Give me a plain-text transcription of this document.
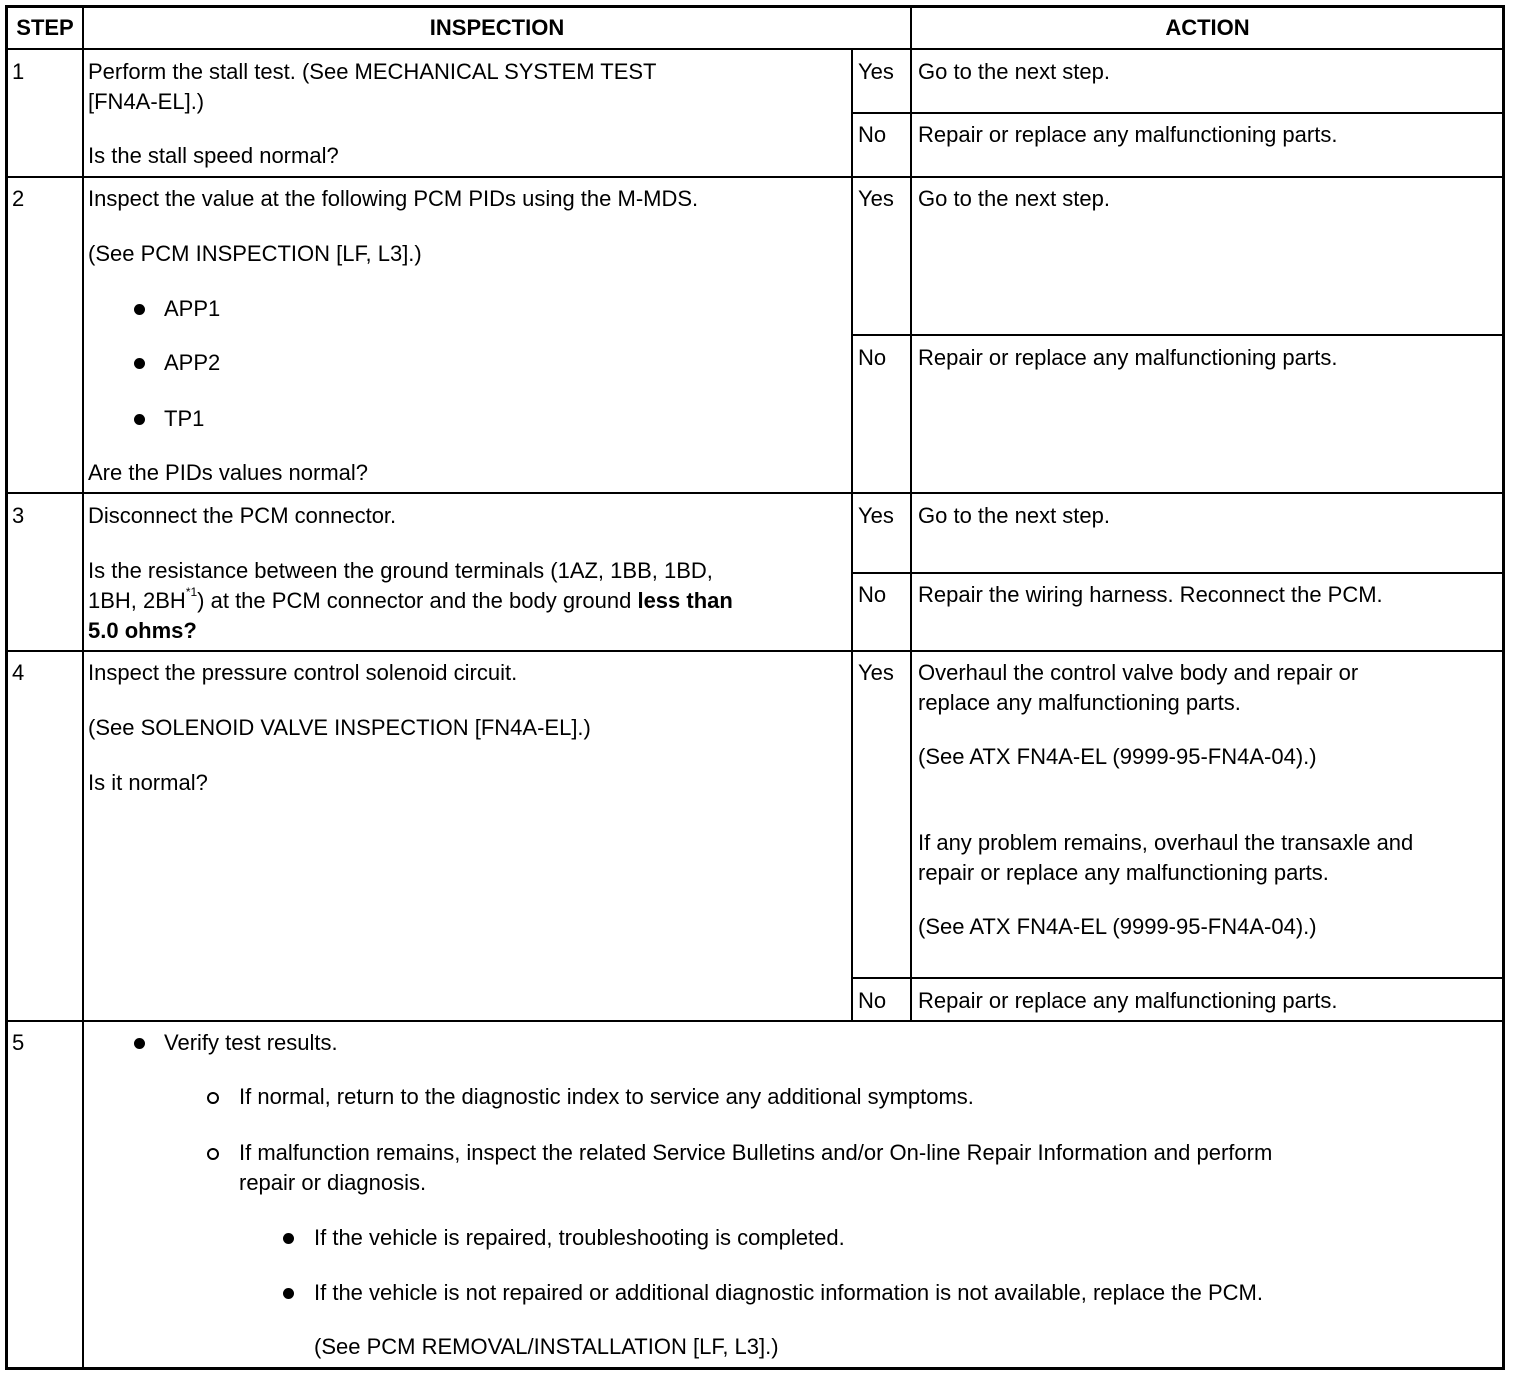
STEP	INSPECTION	ACTION
1	Perform the stall test. (See MECHANICAL SYSTEM TEST
[FN4A-EL].)
Is the stall speed normal?
Yes Go to the next step.
No Repair or replace any malfunctioning parts.
2	Inspect the value at the following PCM PIDs using the M-MDS.
(See PCM INSPECTION [LF, L3].)
APP1
APP2
TP1
Are the PIDs values normal?
Yes Go to the next step.
No Repair or replace any malfunctioning parts.
3	Disconnect the PCM connector.
Is the resistance between the ground terminals (1AZ, 1BB, 1BD,
1BH, 2BH$^{*1}$) at the PCM connector and the body ground less than
5.0 ohms?
Yes Go to the next step.
No Repair the wiring harness. Reconnect the PCM.
4	Inspect the pressure control solenoid circuit.
(See SOLENOID VALVE INSPECTION [FN4A-EL].)
Is it normal?
Yes Overhaul the control valve body and repair or
replace any malfunctioning parts.
(See ATX FN4A-EL (9999-95-FN4A-04).)
If any problem remains, overhaul the transaxle and
repair or replace any malfunctioning parts.
(See ATX FN4A-EL (9999-95-FN4A-04).)
No Repair or replace any malfunctioning parts.
5	Verify test results.
If normal, return to the diagnostic index to service any additional symptoms.
If malfunction remains, inspect the related Service Bulletins and/or On-line Repair Information and perform
repair or diagnosis.
If the vehicle is repaired, troubleshooting is completed.
If the vehicle is not repaired or additional diagnostic information is not available, replace the PCM.
(See PCM REMOVAL/INSTALLATION [LF, L3].)
